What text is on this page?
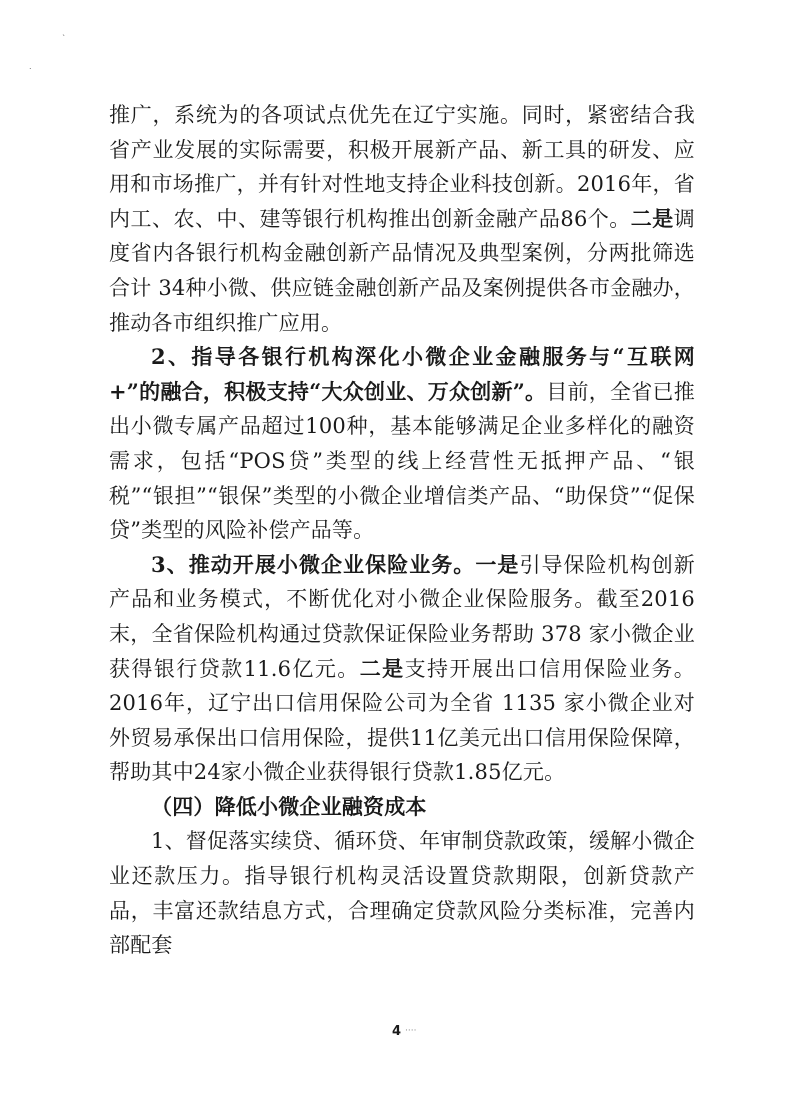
`
.

推广，系统为的各项试点优先在辽宁实施。同时，紧密结合我省产业发展的实际需要，积极开展新产品、新工具的研发、应用和市场推广，并有针对性地支持企业科技创新。2016年，省内工、农、中、建等银行机构推出创新金融产品86个。二是调度省内各银行机构金融创新产品情况及典型案例，分两批筛选合计 34种小微、供应链金融创新产品及案例提供各市金融办，推动各市组织推广应用。

2、指导各银行机构深化小微企业金融服务与“互联网+”的融合，积极支持“大众创业、万众创新”。目前，全省已推出小微专属产品超过100种，基本能够满足企业多样化的融资需求，包括“POS贷”类型的线上经营性无抵押产品、“银税”“银担”“银保”类型的小微企业增信类产品、“助保贷”“促保贷”类型的风险补偿产品等。

3、推动开展小微企业保险业务。一是引导保险机构创新产品和业务模式，不断优化对小微企业保险服务。截至2016末，全省保险机构通过贷款保证保险业务帮助 378 家小微企业获得银行贷款11.6亿元。二是支持开展出口信用保险业务。2016年，辽宁出口信用保险公司为全省 1135 家小微企业对外贸易承保出口信用保险，提供11亿美元出口信用保险保障，帮助其中24家小微企业获得银行贷款1.85亿元。

（四）降低小微企业融资成本

1、督促落实续贷、循环贷、年审制贷款政策，缓解小微企业还款压力。指导银行机构灵活设置贷款期限，创新贷款产品，丰富还款结息方式，合理确定贷款风险分类标准，完善内部配套

4 ····
